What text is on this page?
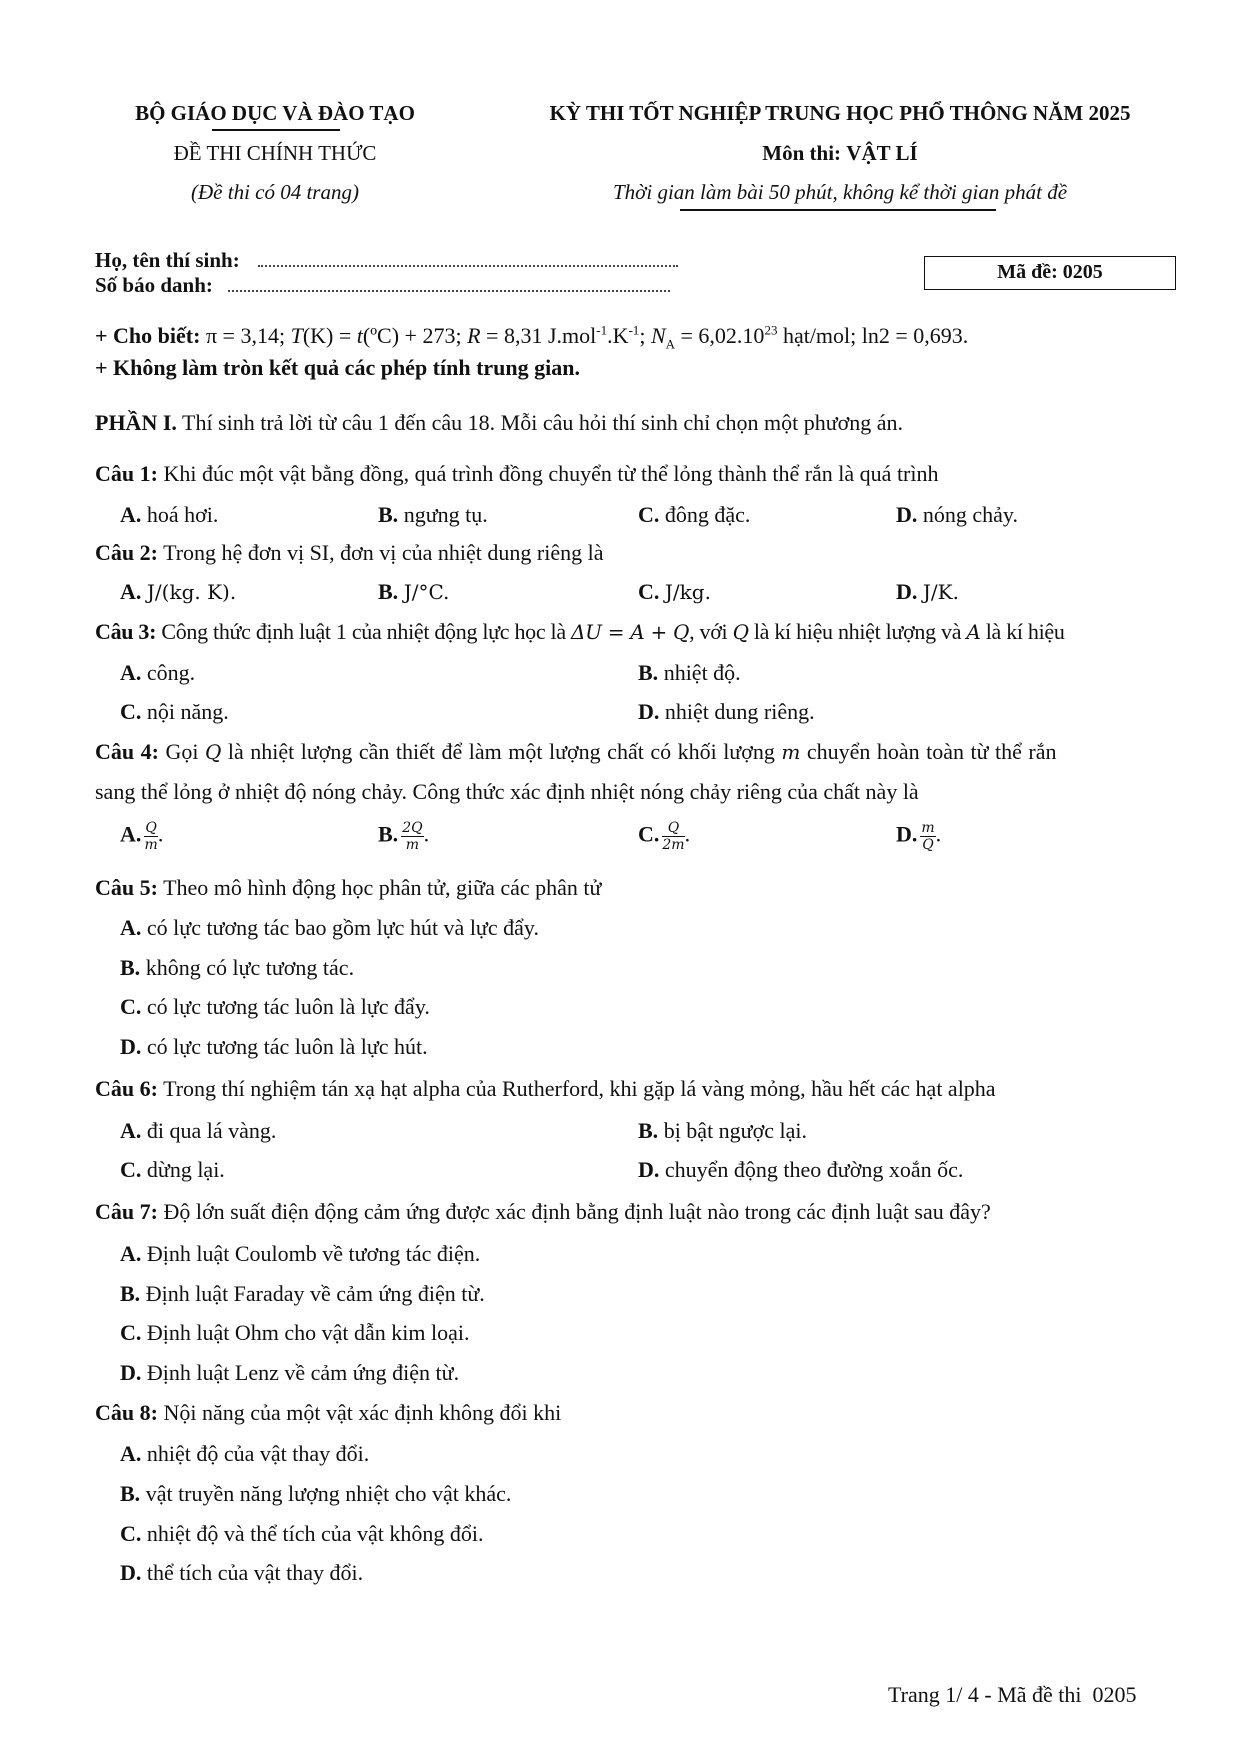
BỘ GIÁO DỤC VÀ ĐÀO TẠO
ĐỀ THI CHÍNH THỨC
(Đề thi có 04 trang)
KỲ THI TỐT NGHIỆP TRUNG HỌC PHỔ THÔNG NĂM 2025
Môn thi: VẬT LÍ
Thời gian làm bài 50 phút, không kể thời gian phát đề
Họ, tên thí sinh:
Số báo danh:
Mã đề: 0205
+ Cho biết: π = 3,14; T(K) = t(ºC) + 273; R = 8,31 $J.mol^{-1}.K^{-1}$; $N_A = 6,02.10^{23}$ hạt/mol; ln2 = 0,693.
+ Không làm tròn kết quả các phép tính trung gian.
PHẦN I. Thí sinh trả lời từ câu 1 đến câu 18. Mỗi câu hỏi thí sinh chỉ chọn một phương án.
Câu 1: Khi đúc một vật bằng đồng, quá trình đồng chuyển từ thể lỏng thành thể rắn là quá trình
A. hoá hơi.	B. ngưng tụ.	C. đông đặc.	D. nóng chảy.
Câu 2: Trong hệ đơn vị SI, đơn vị của nhiệt dung riêng là
A. J/(kg. K).	B. J/°C.	C. J/kg.	D. J/K.
Câu 3: Công thức định luật 1 của nhiệt động lực học là ΔU = A + Q, với Q là kí hiệu nhiệt lượng và A là kí hiệu
A. công.	B. nhiệt độ.
C. nội năng.	D. nhiệt dung riêng.
Câu 4: Gọi Q là nhiệt lượng cần thiết để làm một lượng chất có khối lượng m chuyển hoàn toàn từ thể rắn
sang thể lỏng ở nhiệt độ nóng chảy. Công thức xác định nhiệt nóng chảy riêng của chất này là
A. $\frac{Q}{m}$ .	B. $\frac{2Q}{m}$ .	C. $\frac{Q}{2m}$ .	D. $\frac{m}{Q}$ .
Câu 5: Theo mô hình động học phân tử, giữa các phân tử
A. có lực tương tác bao gồm lực hút và lực đẩy.
B. không có lực tương tác.
C. có lực tương tác luôn là lực đẩy.
D. có lực tương tác luôn là lực hút.
Câu 6: Trong thí nghiệm tán xạ hạt alpha của Rutherford, khi gặp lá vàng mỏng, hầu hết các hạt alpha
A. đi qua lá vàng.	B. bị bật ngược lại.
C. dừng lại.	D. chuyển động theo đường xoắn ốc.
Câu 7: Độ lớn suất điện động cảm ứng được xác định bằng định luật nào trong các định luật sau đây?
A. Định luật Coulomb về tương tác điện.
B. Định luật Faraday về cảm ứng điện từ.
C. Định luật Ohm cho vật dẫn kim loại.
D. Định luật Lenz về cảm ứng điện từ.
Câu 8: Nội năng của một vật xác định không đổi khi
A. nhiệt độ của vật thay đổi.
B. vật truyền năng lượng nhiệt cho vật khác.
C. nhiệt độ và thể tích của vật không đổi.
D. thể tích của vật thay đổi.
Trang 1/ 4 - Mã đề thi  0205
